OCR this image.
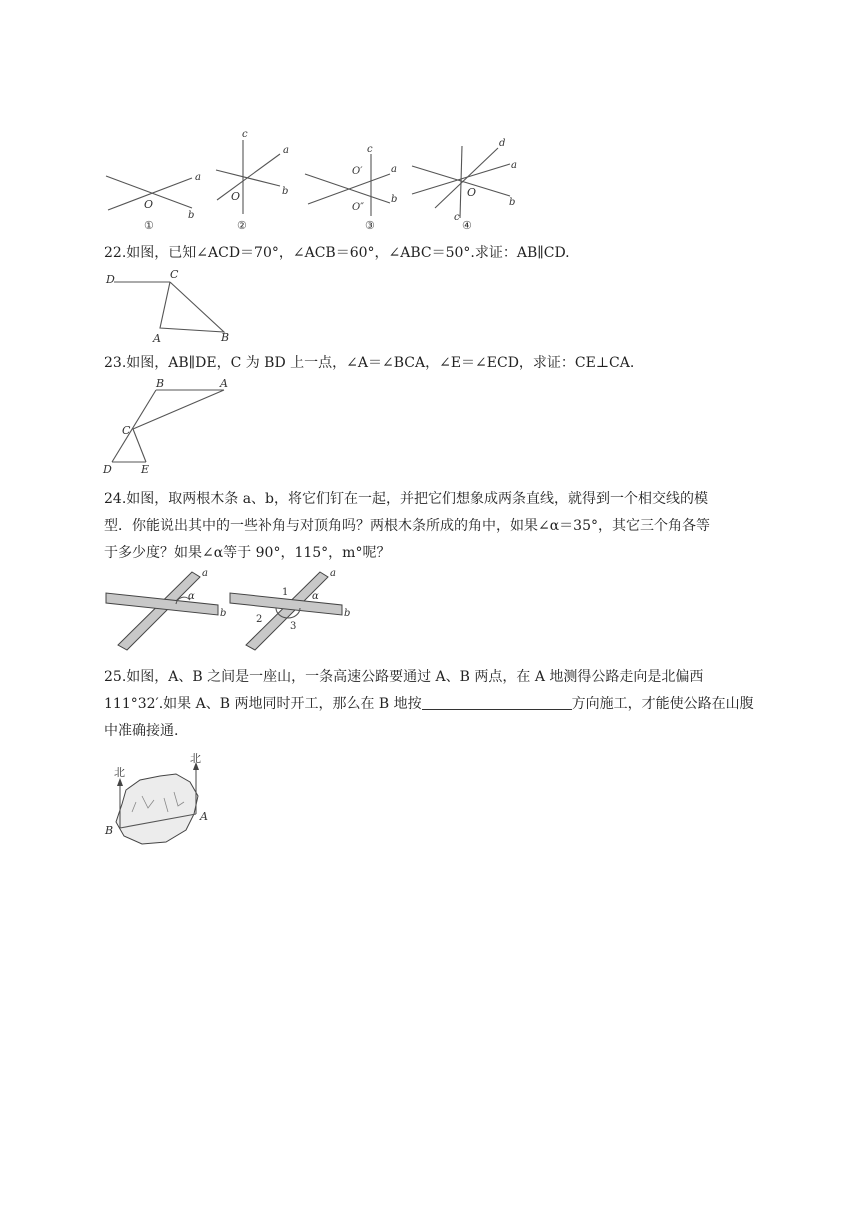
a
b
O
①
c
a
b
O
②
c
a
b
O′
O″
③
d
a
b
c
O
④
22.如图，已知∠ACD＝70°，∠ACB＝60°，∠ABC＝50°.求证：AB∥CD.
D	C
A	B
23.如图，AB∥DE，C 为 BD 上一点，∠A＝∠BCA，∠E＝∠ECD，求证：CE⊥CA.
B	A
C
D	E
24.如图，取两根木条 a、b，将它们钉在一起，并把它们想象成两条直线，就得到一个相交线的模
型．你能说出其中的一些补角与对顶角吗？两根木条所成的角中，如果∠α＝35°，其它三个角各等
于多少度？如果∠α等于 90°，115°，m°呢？
a
b
α
a
b
α
1
2
3
25.如图，A、B 之间是一座山，一条高速公路要通过 A、B 两点，在 A 地测得公路走向是北偏西
111°32′.如果 A、B 两地同时开工，那么在 B 地按	方向施工，才能使公路在山腹
中准确接通.
北
北
B
A
